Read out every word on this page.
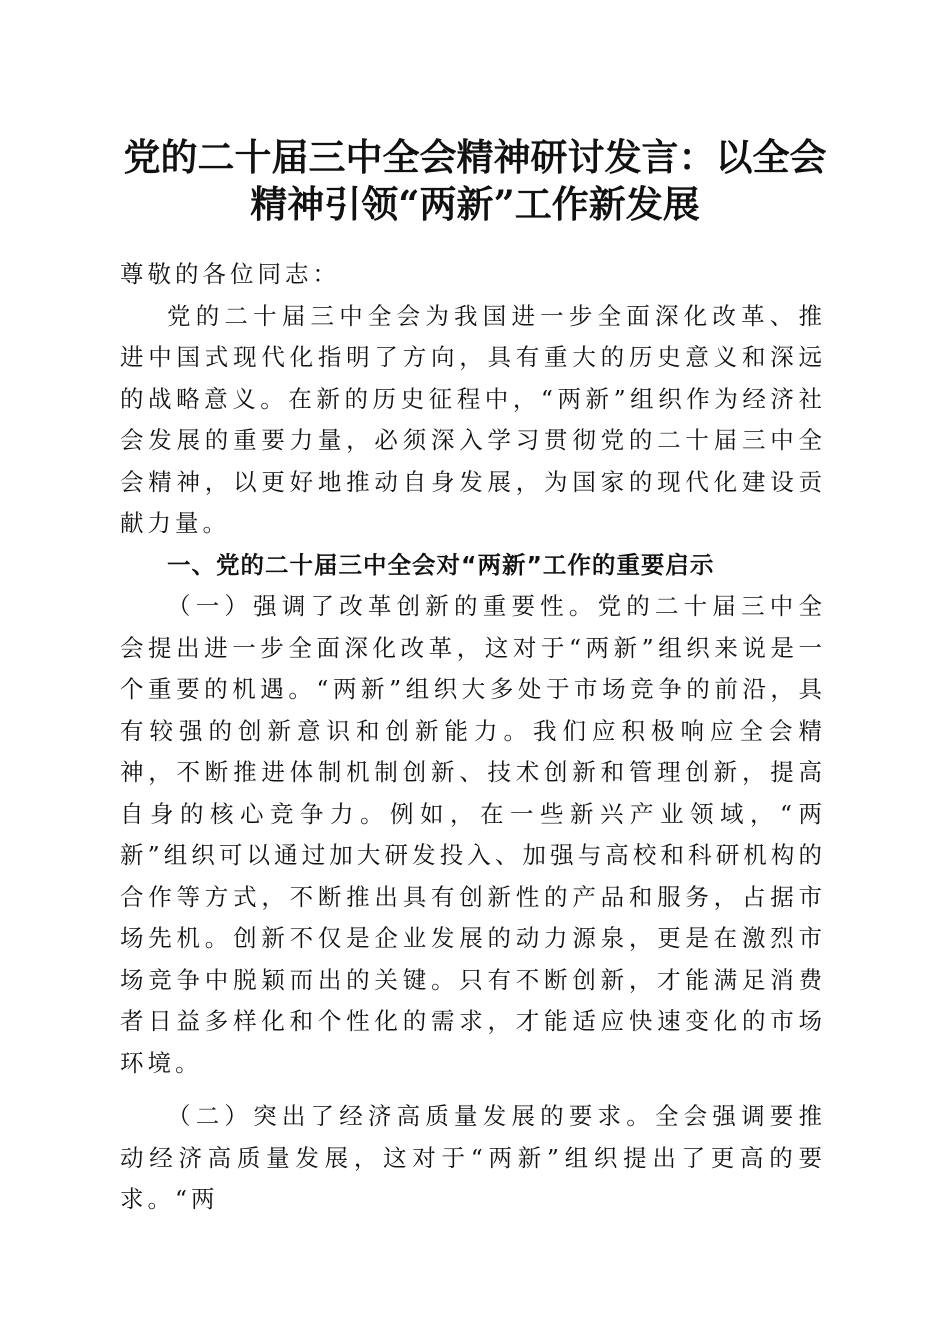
党的二十届三中全会精神研讨发言：以全会精神引领“两新”工作新发展

尊敬的各位同志：

党的二十届三中全会为我国进一步全面深化改革、推进中国式现代化指明了方向，具有重大的历史意义和深远的战略意义。在新的历史征程中，“两新”组织作为经济社会发展的重要力量，必须深入学习贯彻党的二十届三中全会精神，以更好地推动自身发展，为国家的现代化建设贡献力量。

一、党的二十届三中全会对“两新”工作的重要启示

（一）强调了改革创新的重要性。党的二十届三中全会提出进一步全面深化改革，这对于“两新”组织来说是一个重要的机遇。“两新”组织大多处于市场竞争的前沿，具有较强的创新意识和创新能力。我们应积极响应全会精神，不断推进体制机制创新、技术创新和管理创新，提高自身的核心竞争力。例如，在一些新兴产业领域，“两新”组织可以通过加大研发投入、加强与高校和科研机构的合作等方式，不断推出具有创新性的产品和服务，占据市场先机。创新不仅是企业发展的动力源泉，更是在激烈市场竞争中脱颖而出的关键。只有不断创新，才能满足消费者日益多样化和个性化的需求，才能适应快速变化的市场环境。

（二）突出了经济高质量发展的要求。全会强调要推动经济高质量发展，这对于“两新”组织提出了更高的要求。“两
